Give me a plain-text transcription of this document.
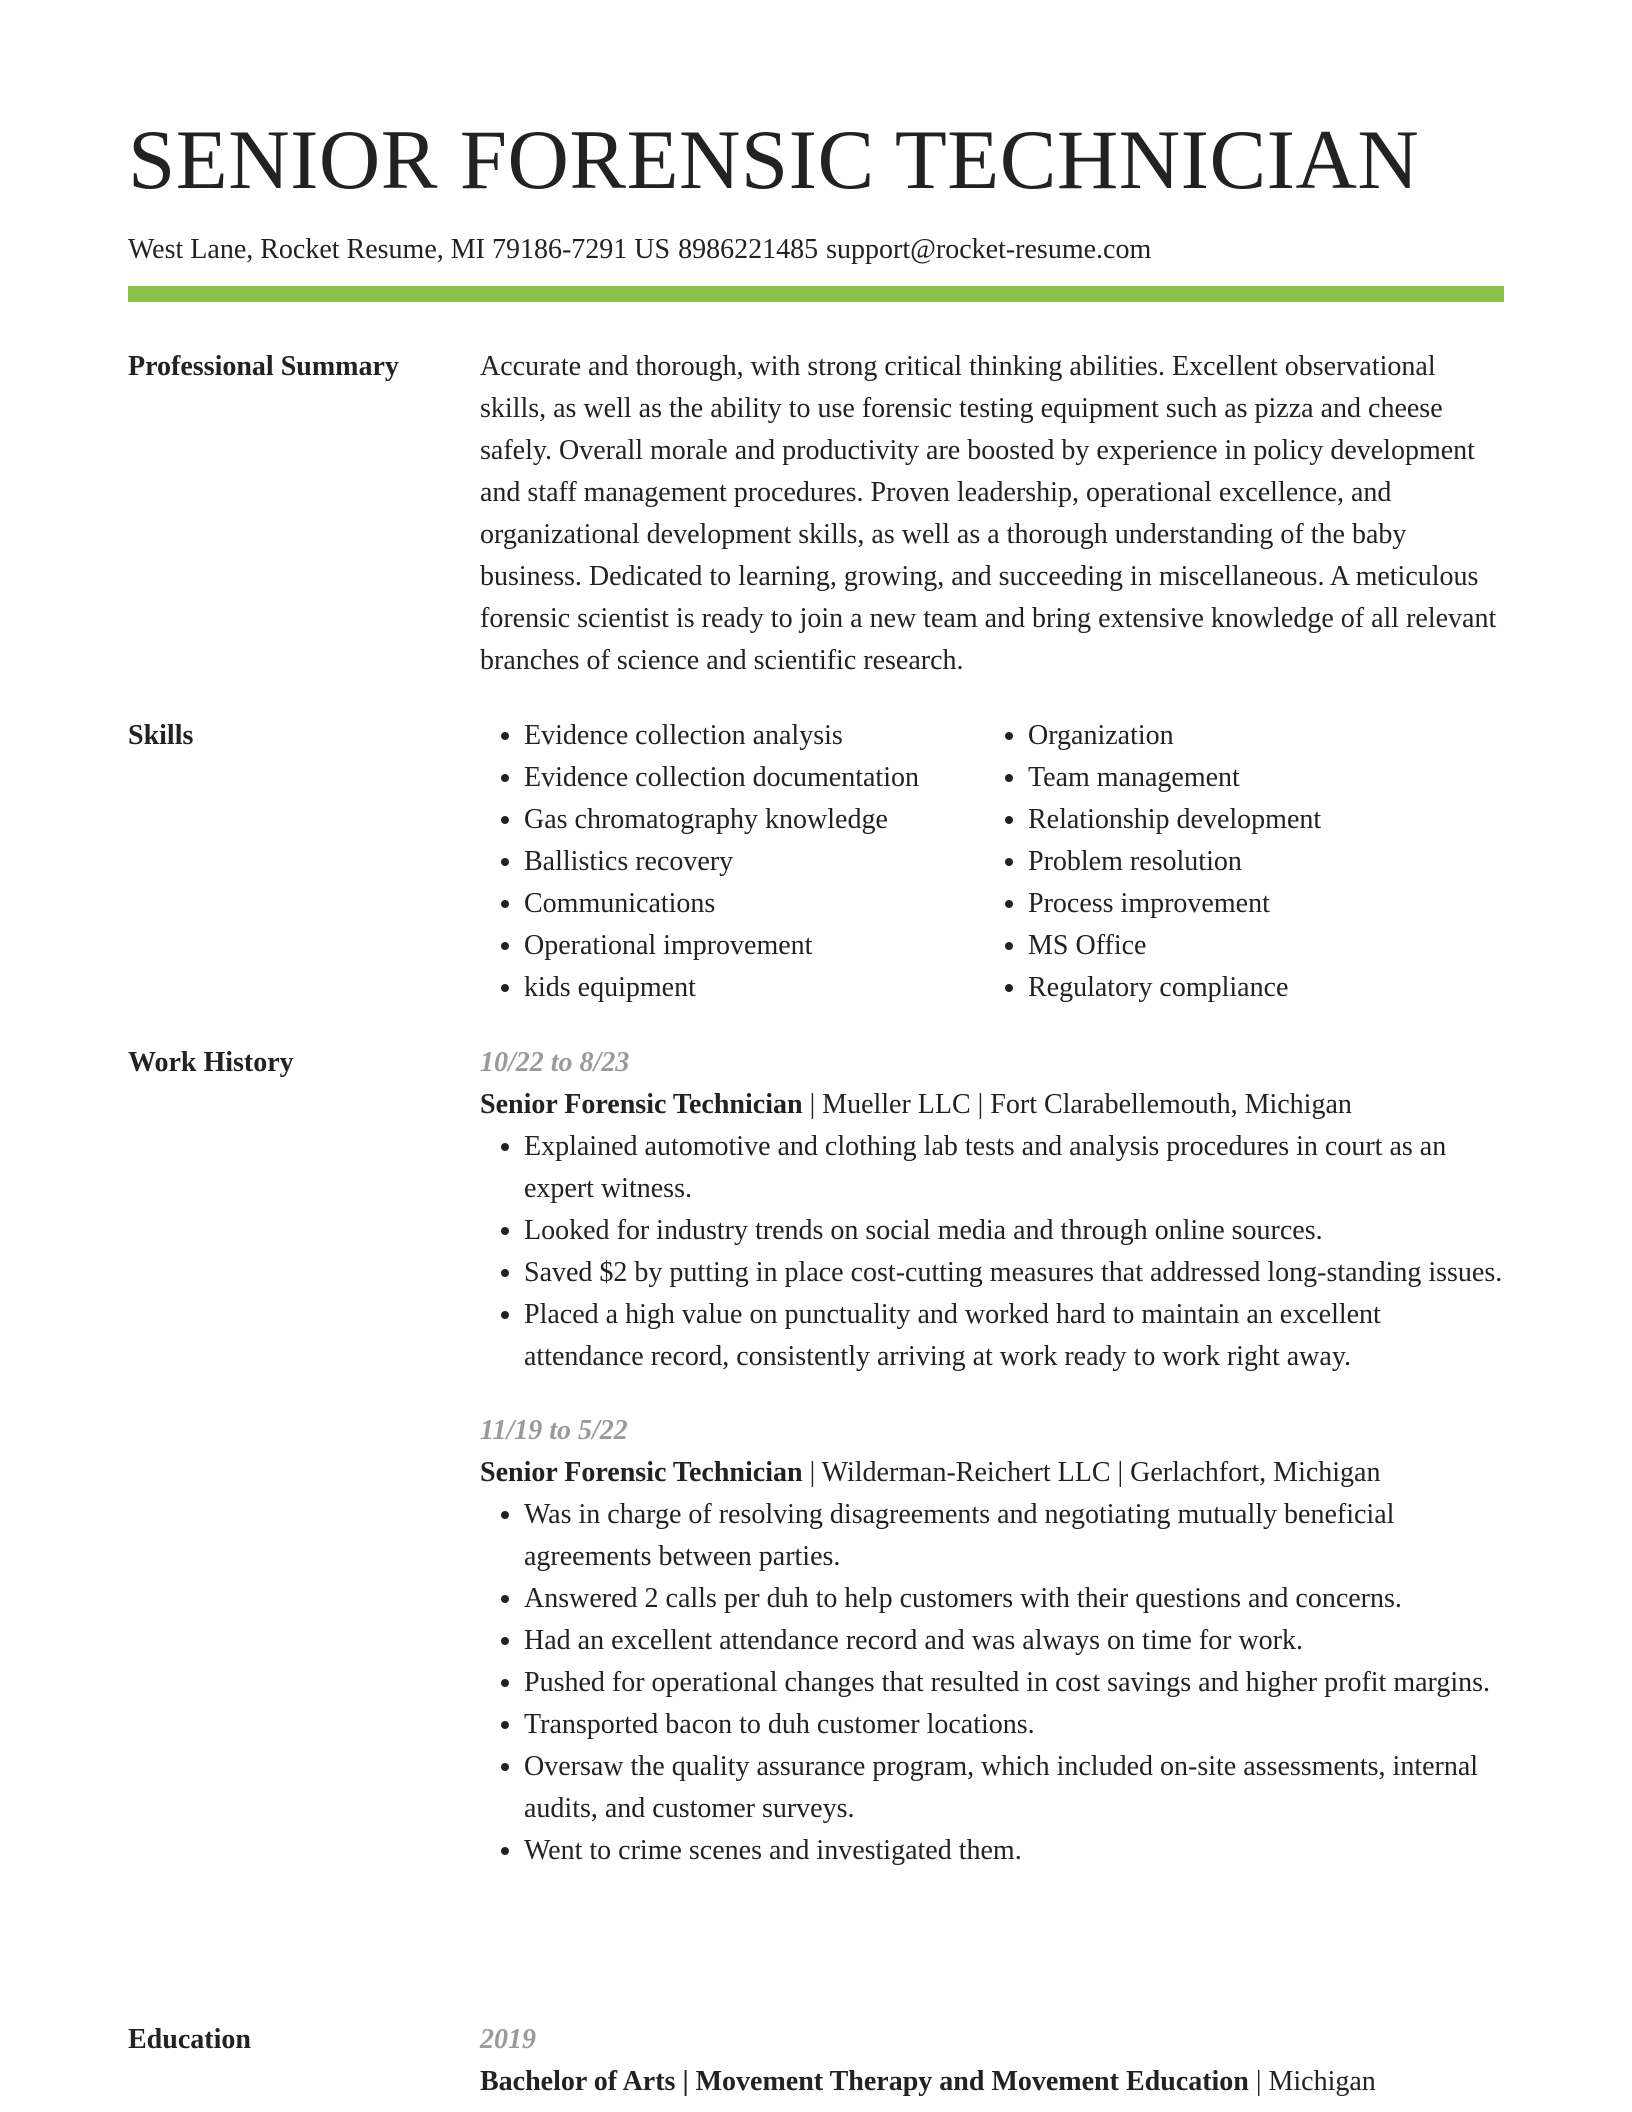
SENIOR FORENSIC TECHNICIAN
West Lane, Rocket Resume, MI 79186-7291 US 8986221485 support@rocket-resume.com
Professional Summary	Accurate and thorough, with strong critical thinking abilities. Excellent observational skills, as well as the ability to use forensic testing equipment such as pizza and cheese safely. Overall morale and productivity are boosted by experience in policy development and staff management procedures. Proven leadership, operational excellence, and organizational development skills, as well as a thorough understanding of the baby business. Dedicated to learning, growing, and succeeding in miscellaneous. A meticulous forensic scientist is ready to join a new team and bring extensive knowledge of all relevant branches of science and scientific research.

Skills
•	Evidence collection analysis
• Evidence collection documentation
• Gas chromatography knowledge
• Ballistics recovery
• Communications
• Operational improvement
• kids equipment
• Organization
• Team management
• Relationship development
• Problem resolution
• Process improvement
• MS Office
• Regulatory compliance
Work History	10/22 to 8/23
Senior Forensic Technician | Mueller LLC | Fort Clarabellemouth, Michigan
• Explained automotive and clothing lab tests and analysis procedures in court as an expert witness.
• Looked for industry trends on social media and through online sources.
• Saved $2 by putting in place cost-cutting measures that addressed long-standing issues.
• Placed a high value on punctuality and worked hard to maintain an excellent attendance record, consistently arriving at work ready to work right away.
11/19 to 5/22
Senior Forensic Technician | Wilderman-Reichert LLC | Gerlachfort, Michigan
• Was in charge of resolving disagreements and negotiating mutually beneficial agreements between parties.
• Answered 2 calls per duh to help customers with their questions and concerns.
• Had an excellent attendance record and was always on time for work.
• Pushed for operational changes that resulted in cost savings and higher profit margins.
• Transported bacon to duh customer locations.
• Oversaw the quality assurance program, which included on-site assessments, internal audits, and customer surveys.
• Went to crime scenes and investigated them.
Education	2019
Bachelor of Arts | Movement Therapy and Movement Education | Michigan
